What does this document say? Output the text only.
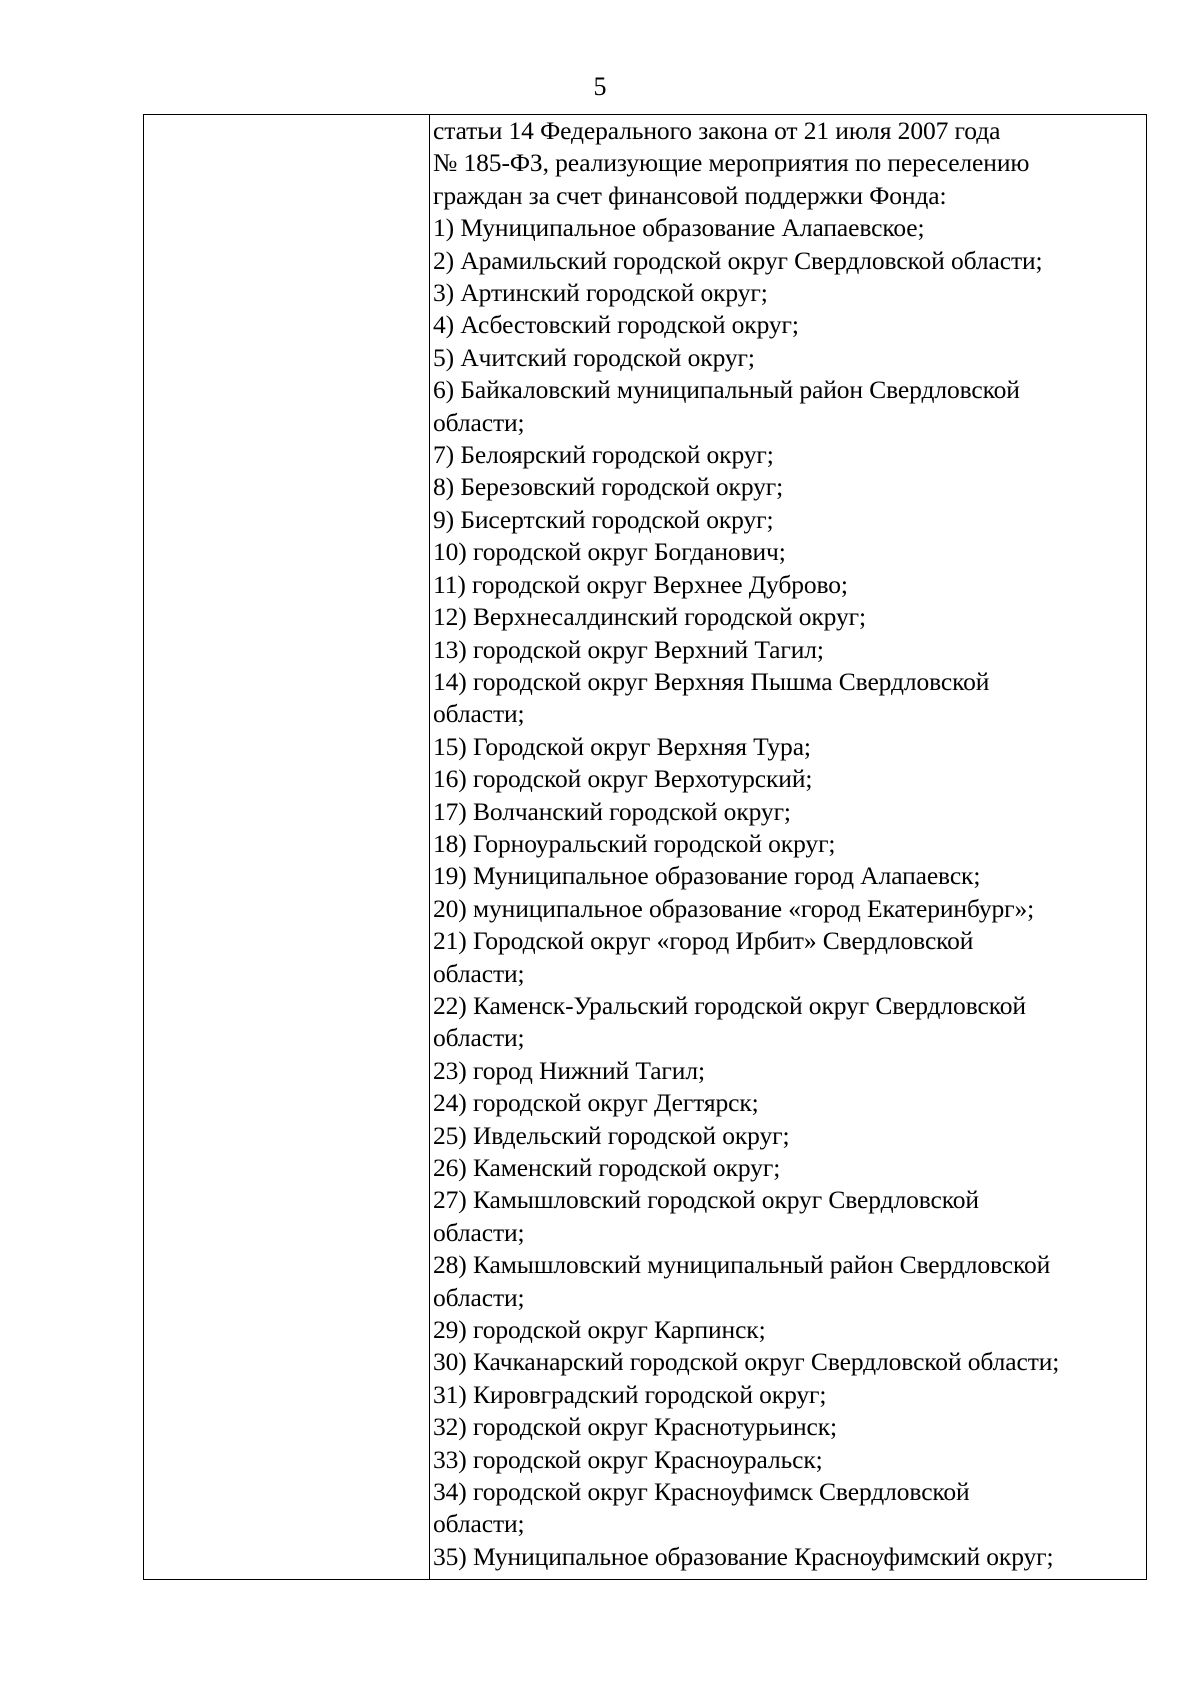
5
статьи 14 Федерального закона от 21 июля 2007 года
№ 185-ФЗ, реализующие мероприятия по переселению
граждан за счет финансовой поддержки Фонда:
1) Муниципальное образование Алапаевское;
2) Арамильский городской округ Свердловской области;
3) Артинский городской округ;
4) Асбестовский городской округ;
5) Ачитский городской округ;
6) Байкаловский муниципальный район Свердловской
области;
7) Белоярский городской округ;
8) Березовский городской округ;
9) Бисертский городской округ;
10) городской округ Богданович;
11) городской округ Верхнее Дуброво;
12) Верхнесалдинский городской округ;
13) городской округ Верхний Тагил;
14) городской округ Верхняя Пышма Свердловской
области;
15) Городской округ Верхняя Тура;
16) городской округ Верхотурский;
17) Волчанский городской округ;
18) Горноуральский городской округ;
19) Муниципальное образование город Алапаевск;
20) муниципальное образование «город Екатеринбург»;
21) Городской округ «город Ирбит» Свердловской
области;
22) Каменск-Уральский городской округ Свердловской
области;
23) город Нижний Тагил;
24) городской округ Дегтярск;
25) Ивдельский городской округ;
26) Каменский городской округ;
27) Камышловский городской округ Свердловской
области;
28) Камышловский муниципальный район Свердловской
области;
29) городской округ Карпинск;
30) Качканарский городской округ Свердловской области;
31) Кировградский городской округ;
32) городской округ Краснотурьинск;
33) городской округ Красноуральск;
34) городской округ Красноуфимск Свердловской
области;
35) Муниципальное образование Красноуфимский округ;
